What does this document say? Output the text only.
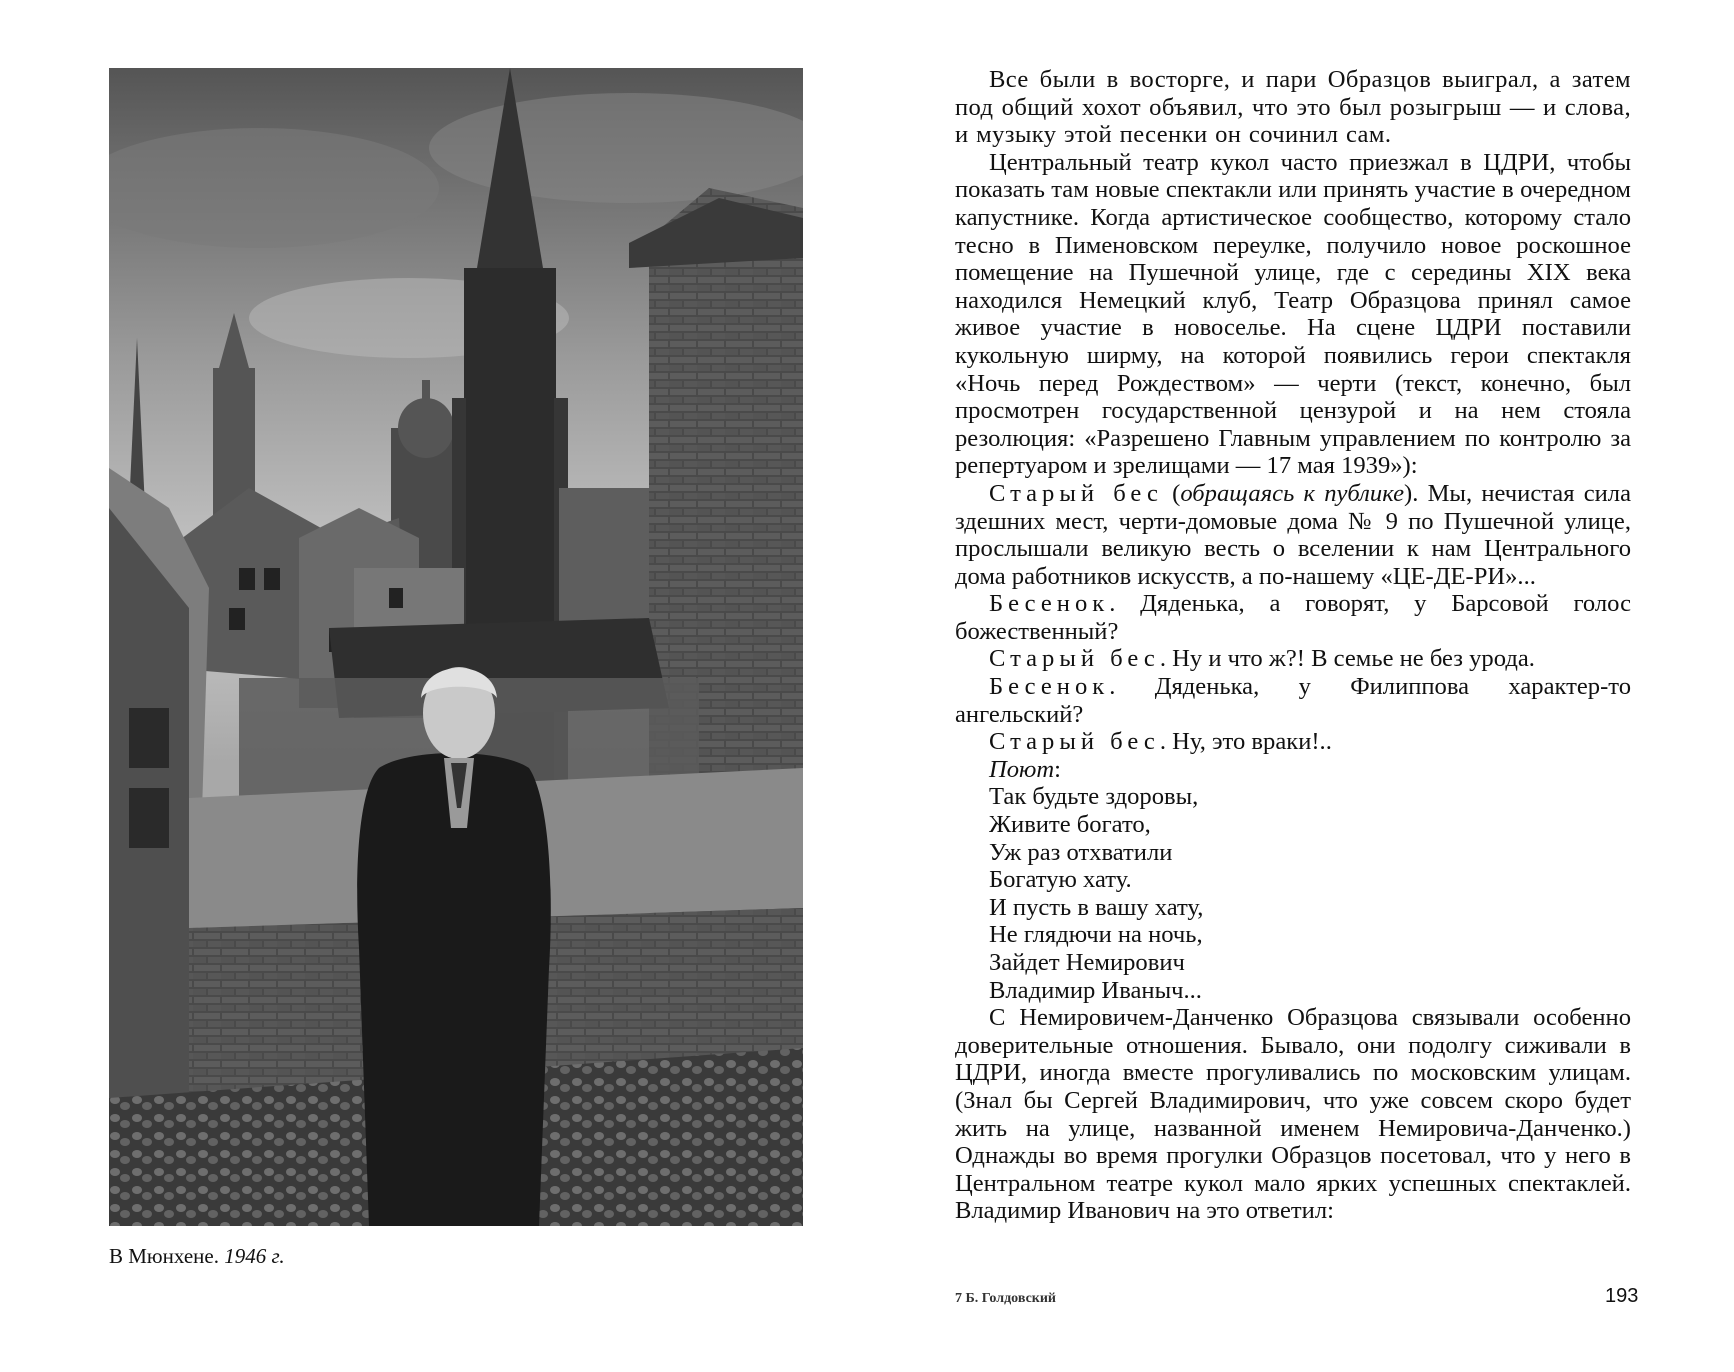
В Мюнхене. 1946 г.

Все были в восторге, и пари Образцов выиграл, а затем под общий хохот объявил, что это был розыгрыш — и слова, и музыку этой песенки он сочинил сам.

Центральный театр кукол часто приезжал в ЦДРИ, чтобы показать там новые спектакли или принять участие в очередном капустнике. Когда артистическое сообщество, которому стало тесно в Пименовском переулке, получило новое роскошное помещение на Пушечной улице, где с середины XIX века находился Немецкий клуб, Театр Образцова принял самое живое участие в новоселье. На сцене ЦДРИ поставили кукольную ширму, на которой появились герои спектакля «Ночь перед Рождеством» — черти (текст, конечно, был просмотрен государственной цензурой и на нем стояла резолюция: «Разрешено Главным управлением по контролю за репертуаром и зрелищами — 17 мая 1939»):

Старый бес (обращаясь к публике). Мы, нечистая сила здешних мест, черти-домовые дома № 9 по Пушечной улице, прослышали великую весть о вселении к нам Центрального дома работников искусств, а по-нашему «ЦЕ-ДЕ-РИ»...

Бесенок. Дяденька, а говорят, у Барсовой голос божественный?

Старый бес. Ну и что ж?! В семье не без урода.

Бесенок. Дяденька, у Филиппова характер-то ангельский?

Старый бес. Ну, это враки!..

Поют:

Так будьте здоровы,
Живите богато,
Уж раз отхватили
Богатую хату.
И пусть в вашу хату,
Не глядючи на ночь,
Зайдет Немирович
Владимир Иваныч...

С Немировичем-Данченко Образцова связывали особенно доверительные отношения. Бывало, они подолгу сиживали в ЦДРИ, иногда вместе прогуливались по московским улицам. (Знал бы Сергей Владимирович, что уже совсем скоро будет жить на улице, названной именем Немировича-Данченко.) Однажды во время прогулки Образцов посетовал, что у него в Центральном театре кукол мало ярких успешных спектаклей. Владимир Иванович на это ответил:

7 Б. Голдовский	193
